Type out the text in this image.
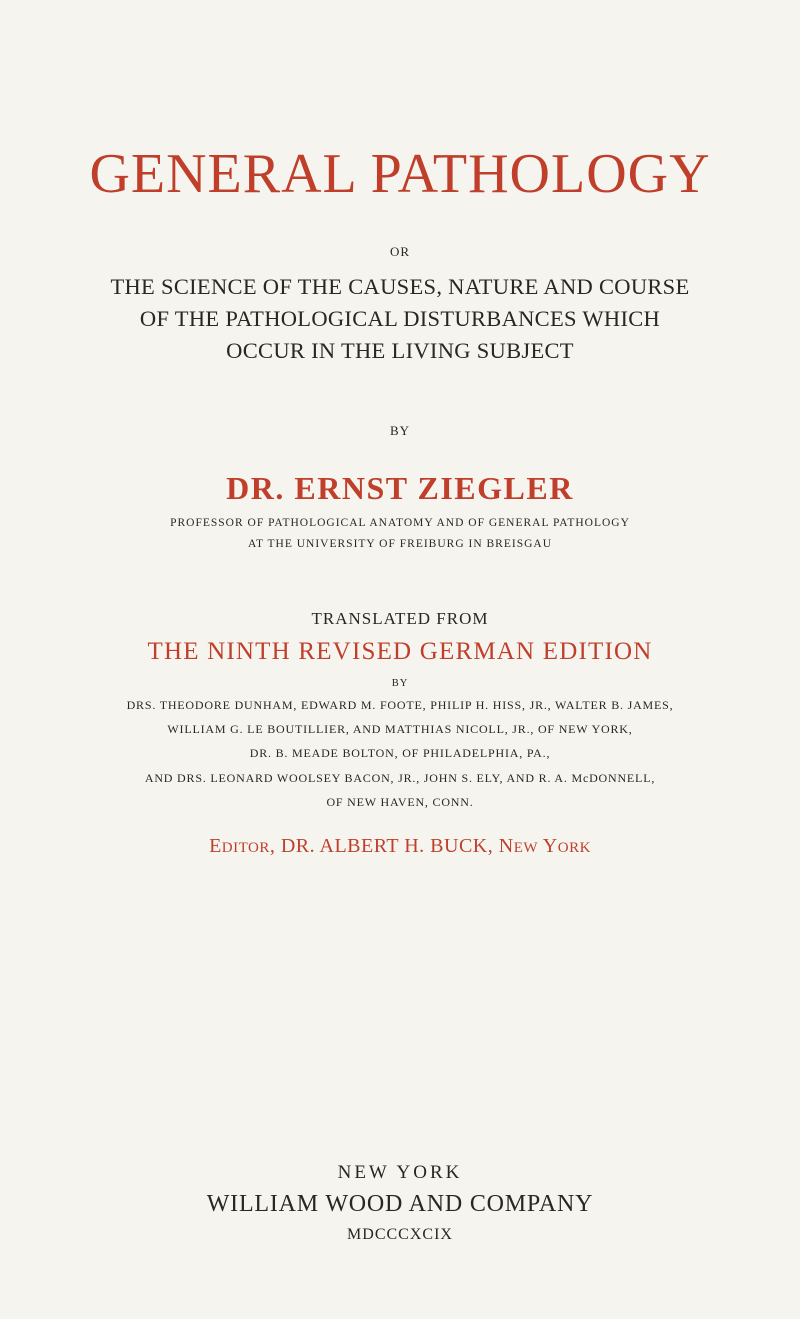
GENERAL PATHOLOGY
OR
THE SCIENCE OF THE CAUSES, NATURE AND COURSE
OF THE PATHOLOGICAL DISTURBANCES WHICH
OCCUR IN THE LIVING SUBJECT
BY
DR. ERNST ZIEGLER
PROFESSOR OF PATHOLOGICAL ANATOMY AND OF GENERAL PATHOLOGY
AT THE UNIVERSITY OF FREIBURG IN BREISGAU
TRANSLATED FROM
THE NINTH REVISED GERMAN EDITION
BY
DRS. THEODORE DUNHAM, EDWARD M. FOOTE, PHILIP H. HISS, JR., WALTER B. JAMES,
WILLIAM G. LE BOUTILLIER, AND MATTHIAS NICOLL, JR., OF NEW YORK,
DR. B. MEADE BOLTON, OF PHILADELPHIA, PA.,
AND DRS. LEONARD WOOLSEY BACON, JR., JOHN S. ELY, AND R. A. McDONNELL,
OF NEW HAVEN, CONN.
EDITOR, DR. ALBERT H. BUCK, NEW YORK
NEW YORK
WILLIAM WOOD AND COMPANY
MDCCCXCIX
